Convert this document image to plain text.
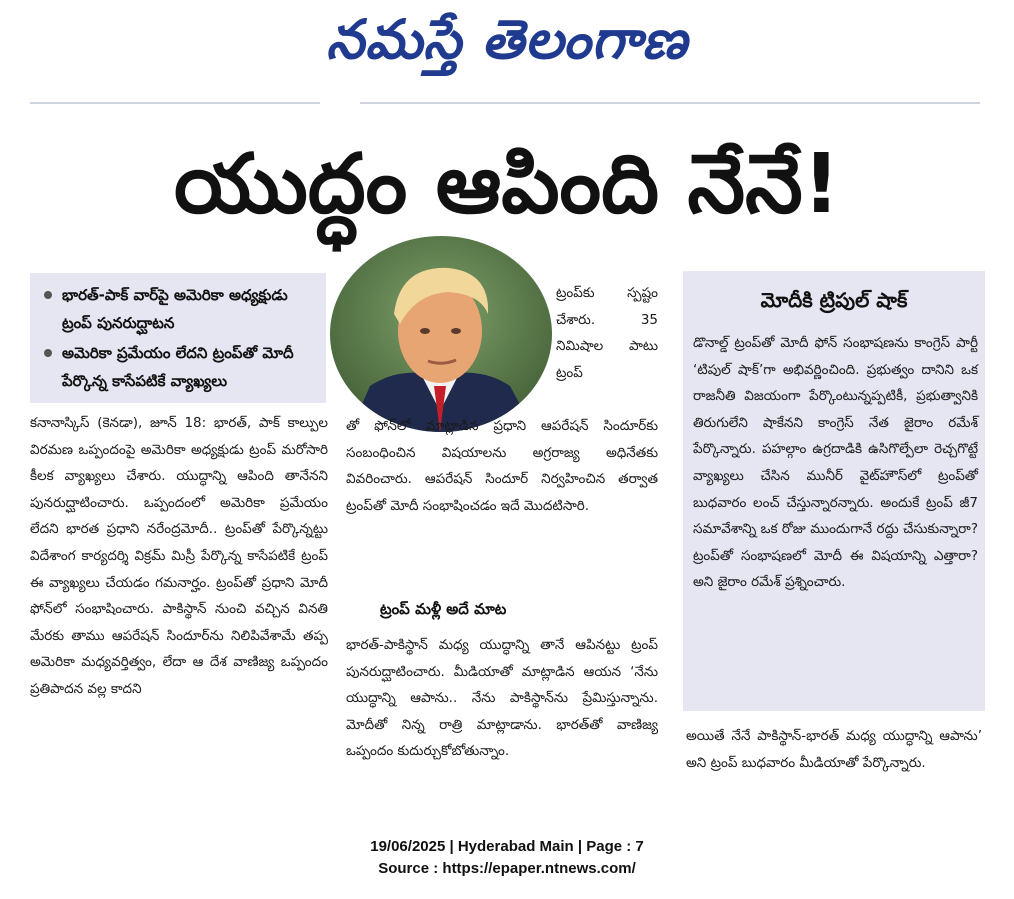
నమస్తే తెలంగాణ
యుద్ధం ఆపింది నేనే!
భారత్-పాక్ వార్‌పై అమెరికా అధ్యక్షుడు ట్రంప్ పునరుద్ఘాటన
అమెరికా ప్రమేయం లేదని ట్రంప్‌తో మోదీ పేర్కొన్న కాసేపటికే వ్యాఖ్యలు
కనానాస్కిస్ (కెనడా), జూన్ 18: భారత్, పాక్ కాల్పుల విరమణ ఒప్పందంపై అమెరికా అధ్యక్షుడు ట్రంప్ మరోసారి కీలక వ్యాఖ్యలు చేశారు. యుద్ధాన్ని ఆపింది తానేనని పునరుద్ఘాటించారు. ఒప్పందంలో అమెరికా ప్రమేయం లేదని భారత ప్రధాని నరేంద్రమోదీ.. ట్రంప్‌తో పేర్కొన్నట్టు విదేశాంగ కార్యదర్శి విక్రమ్ మిస్రీ పేర్కొన్న కాసేపటికే ట్రంప్ ఈ వ్యాఖ్యలు చేయడం గమనార్హం. ట్రంప్‌తో ప్రధాని మోదీ ఫోన్‌లో సంభాషించారు. పాకిస్థాన్ నుంచి వచ్చిన వినతి మేరకు తాము ఆపరేషన్ సిందూర్‌ను నిలిపివేశామే తప్ప అమెరికా మధ్యవర్తిత్వం, లేదా ఆ దేశ వాణిజ్య ఒప్పందం ప్రతిపాదన వల్ల కాదని
ట్రంప్‌కు స్పష్టం చేశారు. 35 నిమిషాల పాటు ట్రంప్
తో ఫోన్‌లో మాట్లాడిన ప్రధాని ఆపరేషన్ సిందూర్‌కు సంబంధించిన విషయాలను అగ్రరాజ్య అధినేతకు వివరించారు. ఆపరేషన్ సిందూర్ నిర్వహించిన తర్వాత ట్రంప్‌తో మోదీ సంభాషించడం ఇదే మొదటిసారి.
ట్రంప్ మళ్లీ అదే మాట
భారత్-పాకిస్థాన్ మధ్య యుద్ధాన్ని తానే ఆపినట్టు ట్రంప్ పునరుద్ఘాటించారు. మీడియాతో మాట్లాడిన ఆయన ‘నేను యుద్ధాన్ని ఆపాను.. నేను పాకిస్థాన్‌ను ప్రేమిస్తున్నాను. మోదీతో నిన్న రాత్రి మాట్లాడాను. భారత్‌తో వాణిజ్య ఒప్పందం కుదుర్చుకోబోతున్నాం.
మోదీకి ట్రిపుల్ షాక్
డొనాల్డ్ ట్రంప్‌తో మోదీ ఫోన్ సంభాషణను కాంగ్రెస్ పార్టీ ‘టిపుల్ షాక్’గా అభివర్ణించింది. ప్రభుత్వం దానిని ఒక రాజనీతి విజయంగా పేర్కొంటున్నప్పటికీ, ప్రభుత్వానికి తిరుగులేని షాకేనని కాంగ్రెస్ నేత జైరాం రమేశ్ పేర్కొన్నారు. పహల్గాం ఉగ్రదాడికి ఉసిగొల్పేలా రెచ్చగొట్టే వ్యాఖ్యలు చేసిన మునీర్ వైట్‌హౌస్‌లో ట్రంప్‌తో బుధవారం లంచ్ చేస్తున్నారన్నారు. అందుకే ట్రంప్ జీ7 సమావేశాన్ని ఒక రోజు ముందుగానే రద్దు చేసుకున్నారా? ట్రంప్‌తో సంభాషణలో మోదీ ఈ విషయాన్ని ఎత్తారా? అని జైరాం రమేశ్ ప్రశ్నించారు.
అయితే నేనే పాకిస్థాన్-భారత్ మధ్య యుద్ధాన్ని ఆపాను’ అని ట్రంప్ బుధవారం మీడియాతో పేర్కొన్నారు.
19/06/2025 | Hyderabad Main | Page : 7
Source : https://epaper.ntnews.com/
